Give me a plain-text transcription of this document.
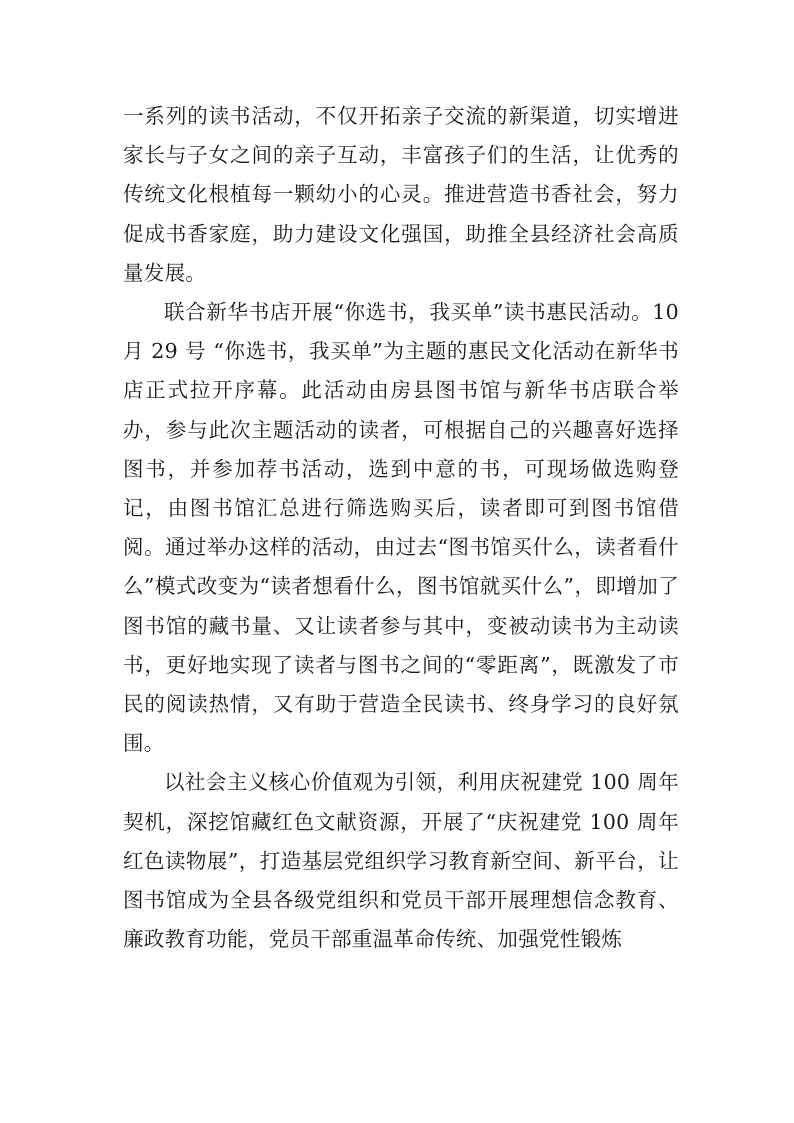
一系列的读书活动，不仅开拓亲子交流的新渠道，切实增进家长与子女之间的亲子互动，丰富孩子们的生活，让优秀的传统文化根植每一颗幼小的心灵。推进营造书香社会，努力促成书香家庭，助力建设文化强国，助推全县经济社会高质量发展。

联合新华书店开展“你选书，我买单”读书惠民活动。10 月 29 号 “你选书，我买单”为主题的惠民文化活动在新华书店正式拉开序幕。此活动由房县图书馆与新华书店联合举办，参与此次主题活动的读者，可根据自己的兴趣喜好选择图书，并参加荐书活动，选到中意的书，可现场做选购登记，由图书馆汇总进行筛选购买后，读者即可到图书馆借阅。通过举办这样的活动，由过去“图书馆买什么，读者看什么”模式改变为“读者想看什么，图书馆就买什么”，即增加了图书馆的藏书量、又让读者参与其中，变被动读书为主动读书，更好地实现了读者与图书之间的“零距离”，既激发了市民的阅读热情，又有助于营造全民读书、终身学习的良好氛围。

以社会主义核心价值观为引领，利用庆祝建党 100 周年契机，深挖馆藏红色文献资源，开展了“庆祝建党 100 周年红色读物展”，打造基层党组织学习教育新空间、新平台，让图书馆成为全县各级党组织和党员干部开展理想信念教育、廉政教育功能，党员干部重温革命传统、加强党性锻炼
